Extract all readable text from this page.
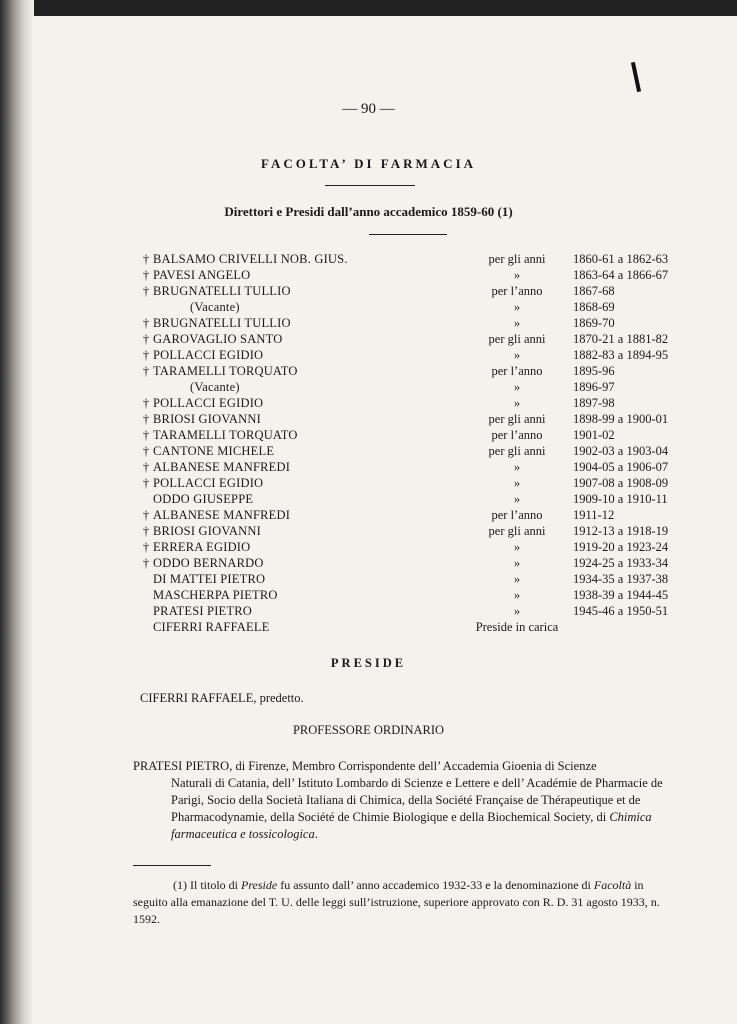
— 90 —
FACOLTA’ DI FARMACIA
Direttori e Presidi dall’anno accademico 1859-60 (1)
† BALSAMO CRIVELLI NOB. GIUS.	per gli anni	1860-61 a 1862-63
† PAVESI ANGELO	»	1863-64 a 1866-67
† BRUGNATELLI TULLIO	per l’anno	1867-68
(Vacante)	»	1868-69
† BRUGNATELLI TULLIO	»	1869-70
† GAROVAGLIO SANTO	per gli anni	1870-21 a 1881-82
† POLLACCI EGIDIO	»	1882-83 a 1894-95
† TARAMELLI TORQUATO	per l’anno	1895-96
(Vacante)	»	1896-97
† POLLACCI EGIDIO	»	1897-98
† BRIOSI GIOVANNI	per gli anni	1898-99 a 1900-01
† TARAMELLI TORQUATO	per l’anno	1901-02
† CANTONE MICHELE	per gli anni	1902-03 a 1903-04
† ALBANESE MANFREDI	»	1904-05 a 1906-07
† POLLACCI EGIDIO	»	1907-08 a 1908-09
ODDO GIUSEPPE	»	1909-10 a 1910-11
† ALBANESE MANFREDI	per l’anno	1911-12
† BRIOSI GIOVANNI	per gli anni	1912-13 a 1918-19
† ERRERA EGIDIO	»	1919-20 a 1923-24
† ODDO BERNARDO	»	1924-25 a 1933-34
DI MATTEI PIETRO	»	1934-35 a 1937-38
MASCHERPA PIETRO	»	1938-39 a 1944-45
PRATESI PIETRO	»	1945-46 a 1950-51
CIFERRI RAFFAELE	Preside in carica
PRESIDE
CIFERRI RAFFAELE, predetto.
PROFESSORE ORDINARIO
PRATESI PIETRO, di Firenze, Membro Corrispondente dell’ Accademia Gioenia di Scienze
Naturali di Catania, dell’ Istituto Lombardo di Scienze e Lettere e dell’ Académie de Pharmacie de Parigi, Socio della Società Italiana di Chimica, della Société Française de Thérapeutique et de Pharmacodynamie, della Société de Chimie Biologique e della Biochemical Society, di Chimica farmaceutica e tossicologica.
(1) Il titolo di Preside fu assunto dall’ anno accademico 1932-33 e la denominazione di Facoltà in seguito alla emanazione del T. U. delle leggi sull’istruzione, superiore approvato con R. D. 31 agosto 1933, n. 1592.
